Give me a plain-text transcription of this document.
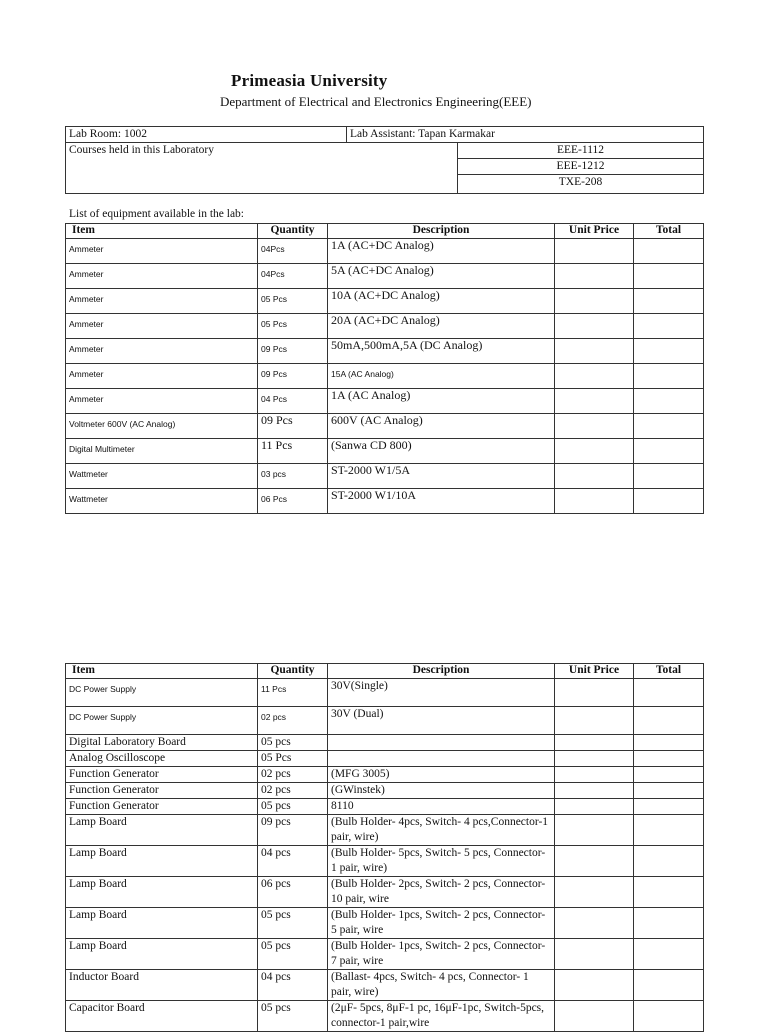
Primeasia University

Department of Electrical and Electronics Engineering(EEE)

Lab Room: 1002	Lab Assistant: Tapan Karmakar	
Courses held in this Laboratory		EEE-1112
		EEE-1212
		TXE-208

List of equipment available in the lab:

Item	Quantity	Description	Unit Price	Total
Ammeter	04Pcs	1A (AC+DC Analog)		
Ammeter	04Pcs	5A (AC+DC Analog)		
Ammeter	05 Pcs	10A (AC+DC Analog)		
Ammeter	05 Pcs	20A (AC+DC Analog)		
Ammeter	09 Pcs	50mA,500mA,5A (DC Analog)		
Ammeter	09 Pcs	15A (AC Analog)		
Ammeter	04 Pcs	1A (AC Analog)		
Voltmeter 600V (AC Analog)	09 Pcs	600V (AC Analog)		
Digital Multimeter	11 Pcs	(Sanwa CD 800)		
Wattmeter	03 pcs	ST-2000 W1/5A		
Wattmeter	06 Pcs	ST-2000 W1/10A		
Item	Quantity	Description	Unit Price	Total
DC Power Supply	11 Pcs	30V(Single)		
DC Power Supply	02 pcs	30V (Dual)		
Digital Laboratory Board	05 pcs			
Analog Oscilloscope	05 Pcs			
Function Generator	02 pcs	(MFG 3005)		
Function Generator	02 pcs	(GWinstek)		
Function Generator	05 pcs	8110		
Lamp Board	09 pcs	(Bulb Holder- 4pcs, Switch- 4 pcs,Connector-1 pair, wire)		
Lamp Board	04 pcs	(Bulb Holder- 5pcs, Switch- 5 pcs, Connector- 1 pair, wire)		
Lamp Board	06 pcs	(Bulb Holder- 2pcs, Switch- 2 pcs, Connector- 10 pair, wire		
Lamp Board	05 pcs	(Bulb Holder- 1pcs, Switch- 2 pcs, Connector- 5 pair, wire		
Lamp Board	05 pcs	(Bulb Holder- 1pcs, Switch- 2 pcs, Connector- 7 pair, wire		
Inductor Board	04 pcs	(Ballast- 4pcs, Switch- 4 pcs, Connector- 1 pair, wire)		
Capacitor Board	05 pcs	(2μF- 5pcs, 8μF-1 pc, 16μF-1pc, Switch-5pcs, connector-1 pair,wire		
